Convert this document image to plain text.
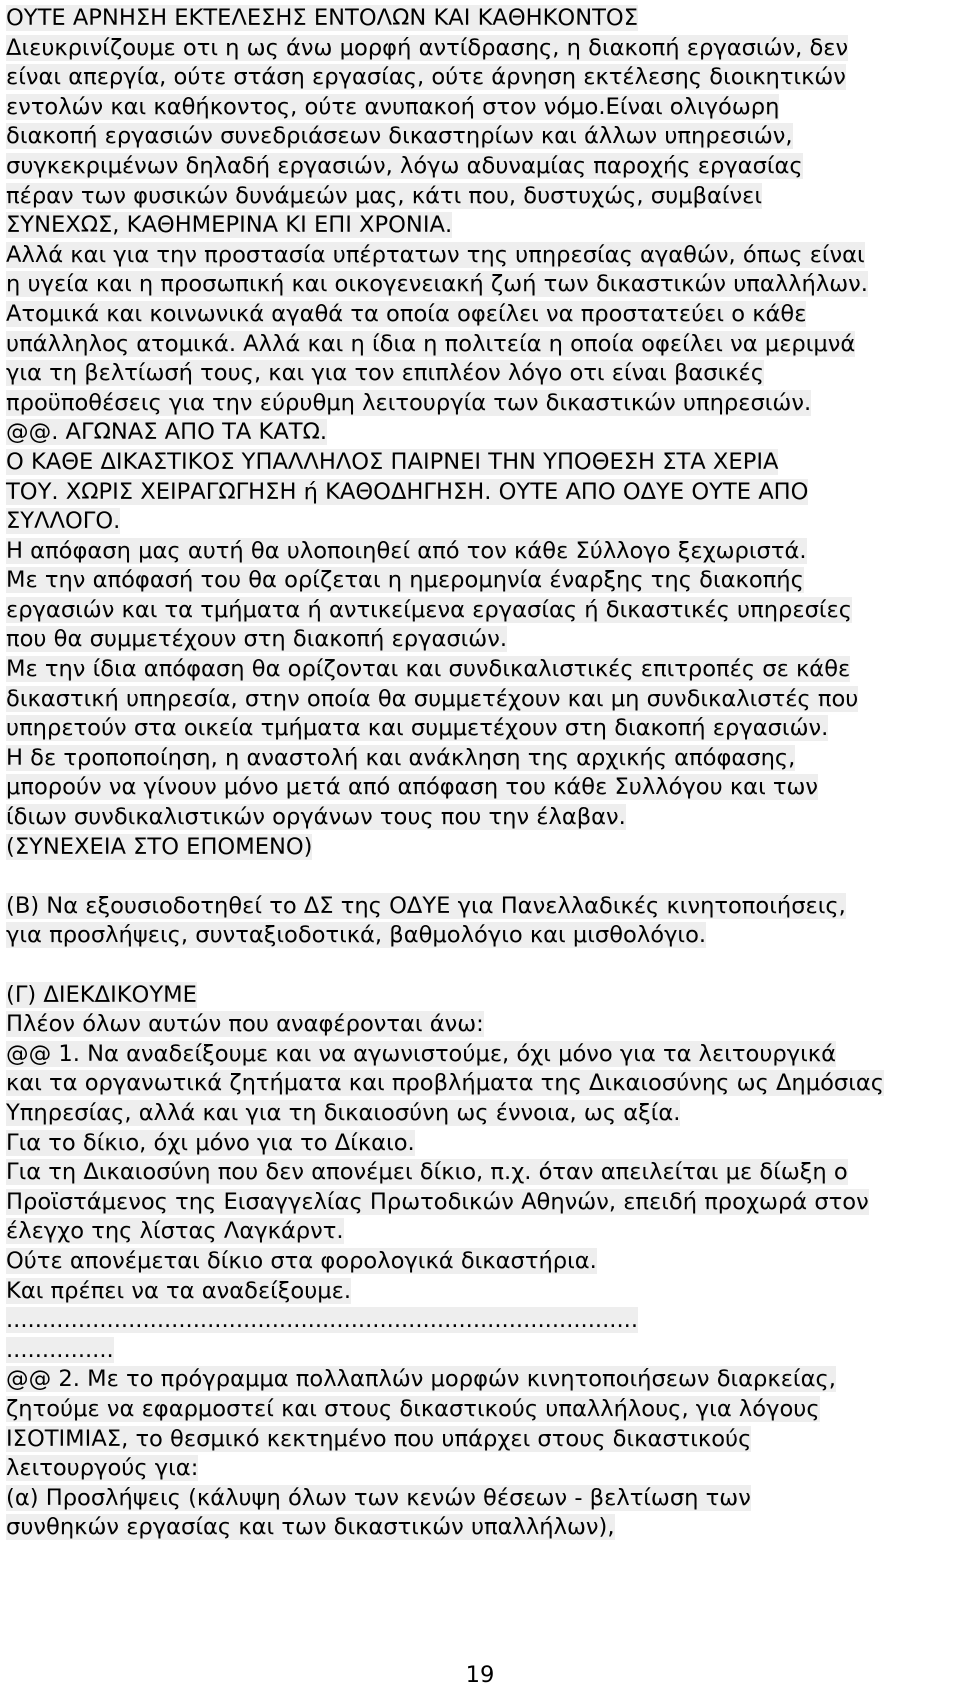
ΟΥΤΕ ΑΡΝΗΣΗ ΕΚΤΕΛΕΣΗΣ ΕΝΤΟΛΩΝ ΚΑΙ ΚΑΘΗΚΟΝΤΟΣ
Διευκρινίζουμε οτι η ως άνω μορφή αντίδρασης, η διακοπή εργασιών, δεν
είναι απεργία, ούτε στάση εργασίας, ούτε άρνηση εκτέλεσης διοικητικών
εντολών και καθήκοντος, ούτε ανυπακοή στον νόμο.Είναι ολιγόωρη
διακοπή εργασιών συνεδριάσεων δικαστηρίων και άλλων υπηρεσιών,
συγκεκριμένων δηλαδή εργασιών, λόγω αδυναμίας παροχής εργασίας
πέραν των φυσικών δυνάμεών μας, κάτι που, δυστυχώς, συμβαίνει
ΣΥΝΕΧΩΣ, ΚΑΘΗΜΕΡΙΝΑ ΚΙ ΕΠΙ ΧΡΟΝΙΑ.
Αλλά και για την προστασία υπέρτατων της υπηρεσίας αγαθών, όπως είναι
η υγεία και η προσωπική και οικογενειακή ζωή των δικαστικών υπαλλήλων.
Ατομικά και κοινωνικά αγαθά τα οποία οφείλει να προστατεύει ο κάθε
υπάλληλος ατομικά. Αλλά και η ίδια η πολιτεία η οποία οφείλει να μεριμνά
για τη βελτίωσή τους, και για τον επιπλέον λόγο οτι είναι βασικές
προϋποθέσεις για την εύρυθμη λειτουργία των δικαστικών υπηρεσιών.
@@. ΑΓΩΝΑΣ ΑΠΟ ΤΑ ΚΑΤΩ.
Ο ΚΑΘΕ ΔΙΚΑΣΤΙΚΟΣ ΥΠΑΛΛΗΛΟΣ ΠΑΙΡΝΕΙ ΤΗΝ ΥΠΟΘΕΣΗ ΣΤΑ ΧΕΡΙΑ
ΤΟΥ. ΧΩΡΙΣ ΧΕΙΡΑΓΩΓΗΣΗ ή ΚΑΘΟΔΗΓΗΣΗ. ΟΥΤΕ ΑΠΟ ΟΔΥΕ ΟΥΤΕ ΑΠΟ
ΣΥΛΛΟΓΟ.
Η απόφαση μας αυτή θα υλοποιηθεί από τον κάθε Σύλλογο ξεχωριστά.
Με την απόφασή του θα ορίζεται η ημερομηνία έναρξης της διακοπής
εργασιών και τα τμήματα ή αντικείμενα εργασίας ή δικαστικές υπηρεσίες
που θα συμμετέχουν στη διακοπή εργασιών.
Με την ίδια απόφαση θα ορίζονται και συνδικαλιστικές επιτροπές σε κάθε
δικαστική υπηρεσία, στην οποία θα συμμετέχουν και μη συνδικαλιστές που
υπηρετούν στα οικεία τμήματα και συμμετέχουν στη διακοπή εργασιών.
Η δε τροποποίηση, η αναστολή και ανάκληση της αρχικής απόφασης,
μπορούν να γίνουν μόνο μετά από απόφαση του κάθε Συλλόγου και των
ίδιων συνδικαλιστικών οργάνων τους που την έλαβαν.
(ΣΥΝΕΧΕΙΑ ΣΤΟ ΕΠΟΜΕΝΟ)
(Β) Να εξουσιοδοτηθεί το ΔΣ της ΟΔΥΕ για Πανελλαδικές κινητοποιήσεις,
για προσλήψεις, συνταξιοδοτικά, βαθμολόγιο και μισθολόγιο.
(Γ) ΔΙΕΚΔΙΚΟΥΜΕ
Πλέον όλων αυτών που αναφέρονται άνω:
@@ 1. Να αναδείξουμε και να αγωνιστούμε, όχι μόνο για τα λειτουργικά
και τα οργανωτικά ζητήματα και προβλήματα της Δικαιοσύνης ως Δημόσιας
Υπηρεσίας, αλλά και για τη δικαιοσύνη ως έννοια, ως αξία.
Για το δίκιο, όχι μόνο για το Δίκαιο.
Για τη Δικαιοσύνη που δεν απονέμει δίκιο, π.χ. όταν απειλείται με δίωξη ο
Προϊστάμενος της Εισαγγελίας Πρωτοδικών Αθηνών, επειδή προχωρά στον
έλεγχο της λίστας Λαγκάρντ.
Ούτε απονέμεται δίκιο στα φορολογικά δικαστήρια.
Και πρέπει να τα αναδείξουμε.
........................................................................................
...............
@@ 2. Με το πρόγραμμα πολλαπλών μορφών κινητοποιήσεων διαρκείας,
ζητούμε να εφαρμοστεί και στους δικαστικούς υπαλλήλους, για λόγους
ΙΣΟΤΙΜΙΑΣ, το θεσμικό κεκτημένο που υπάρχει στους δικαστικούς
λειτουργούς για:
(α) Προσλήψεις (κάλυψη όλων των κενών θέσεων - βελτίωση των
συνθηκών εργασίας και των δικαστικών υπαλλήλων),
19
